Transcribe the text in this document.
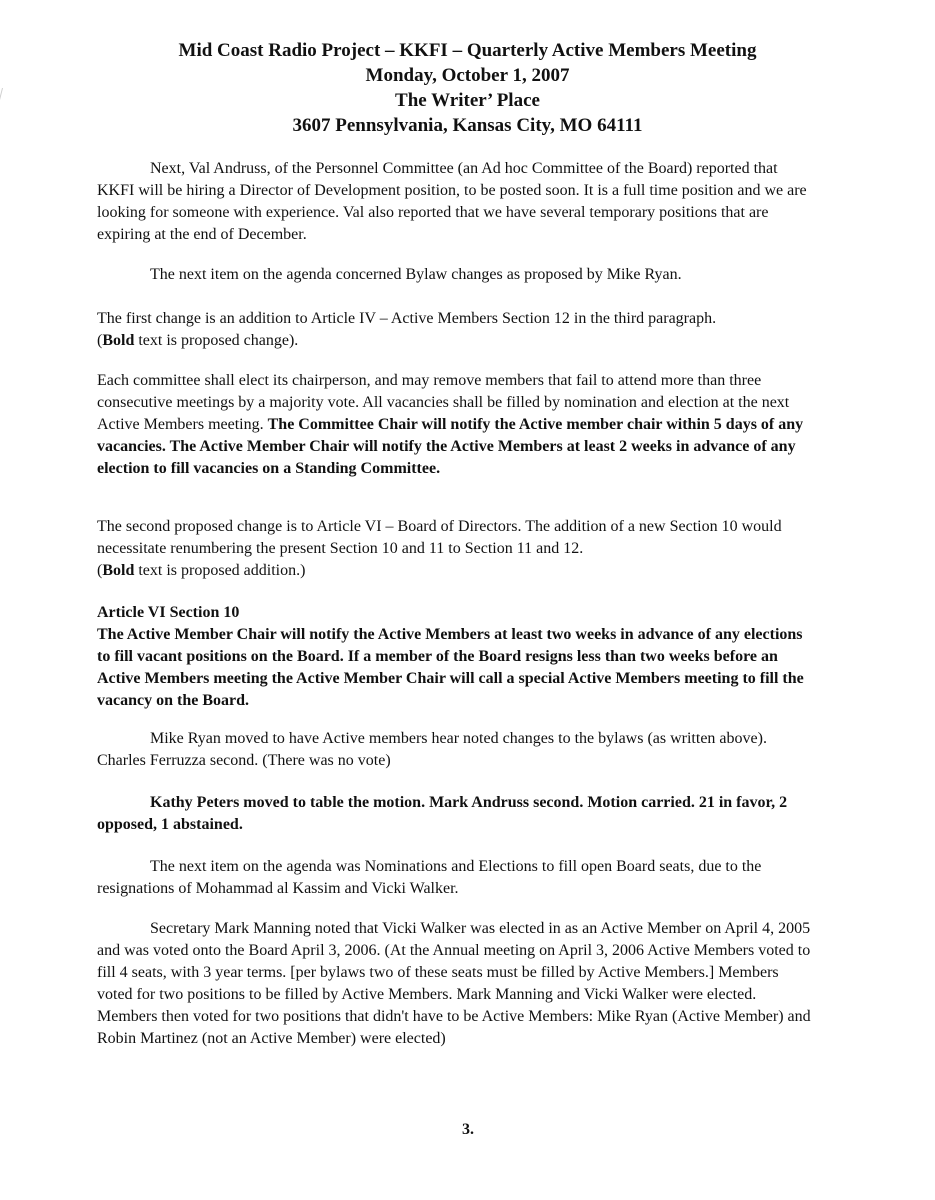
Mid Coast Radio Project – KKFI – Quarterly Active Members Meeting
Monday, October 1, 2007
The Writer’ Place
3607 Pennsylvania, Kansas City, MO 64111

Next, Val Andruss, of the Personnel Committee (an Ad hoc Committee of the Board) reported that KKFI will be hiring a Director of Development position, to be posted soon. It is a full time position and we are looking for someone with experience. Val also reported that we have several temporary positions that are expiring at the end of December.

The next item on the agenda concerned Bylaw changes as proposed by Mike Ryan.

The first change is an addition to Article IV – Active Members Section 12 in the third paragraph.

(Bold text is proposed change).

Each committee shall elect its chairperson, and may remove members that fail to attend more than three consecutive meetings by a majority vote. All vacancies shall be filled by nomination and election at the next Active Members meeting. The Committee Chair will notify the Active member chair within 5 days of any vacancies. The Active Member Chair will notify the Active Members at least 2 weeks in advance of any election to fill vacancies on a Standing Committee.

The second proposed change is to Article VI – Board of Directors. The addition of a new Section 10 would necessitate renumbering the present Section 10 and 11 to Section 11 and 12.

(Bold text is proposed addition.)

Article VI Section 10

The Active Member Chair will notify the Active Members at least two weeks in advance of any elections to fill vacant positions on the Board. If a member of the Board resigns less than two weeks before an Active Members meeting the Active Member Chair will call a special Active Members meeting to fill the vacancy on the Board.

Mike Ryan moved to have Active members hear noted changes to the bylaws (as written above). Charles Ferruzza second. (There was no vote)

Kathy Peters moved to table the motion. Mark Andruss second. Motion carried. 21 in favor, 2 opposed, 1 abstained.

The next item on the agenda was Nominations and Elections to fill open Board seats, due to the resignations of Mohammad al Kassim and Vicki Walker.

Secretary Mark Manning noted that Vicki Walker was elected in as an Active Member on April 4, 2005 and was voted onto the Board April 3, 2006. (At the Annual meeting on April 3, 2006 Active Members voted to fill 4 seats, with 3 year terms. [per bylaws two of these seats must be filled by Active Members.] Members voted for two positions to be filled by Active Members. Mark Manning and Vicki Walker were elected. Members then voted for two positions that didn't have to be Active Members: Mike Ryan (Active Member) and Robin Martinez (not an Active Member) were elected)

3.
